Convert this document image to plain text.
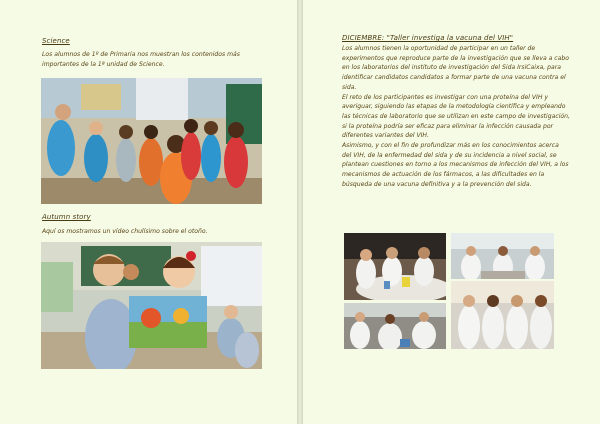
Science

Los alumnos de 1º de Primaria nos muestran los contenidos más importantes de la 1ª unidad de Science.

Autumn story

Aquí os mostramos un vídeo chulísimo sobre el otoño.

DICIEMBRE: "Taller investiga la vacuna del VIH"

Los alumnos tienen la oportunidad de participar en un taller de experimentos que reproduce parte de la investigación que se lleva a cabo en los laboratorios del instituto de investigación del Sida IrsiCaixa, para identificar candidatos candidatos a formar parte de una vacuna contra el sida.

El reto de los participantes es investigar con una proteína del VIH y averiguar, siguiendo las etapas de la metodología científica y empleando las técnicas de laboratorio que se utilizan en este campo de investigación, si la proteína podría ser eficaz para eliminar la infección causada por diferentes variantes del VIH.

Asimismo, y con el fin de profundizar más en los conocimientos acerca del VIH, de la enfermedad del sida y de su incidencia a nivel social, se plantean cuestiones en torno a los mecanismos de infección del VIH, a los mecanismos de actuación de los fármacos, a las dificultades en la búsqueda de una vacuna definitiva y a la prevención del sida.
